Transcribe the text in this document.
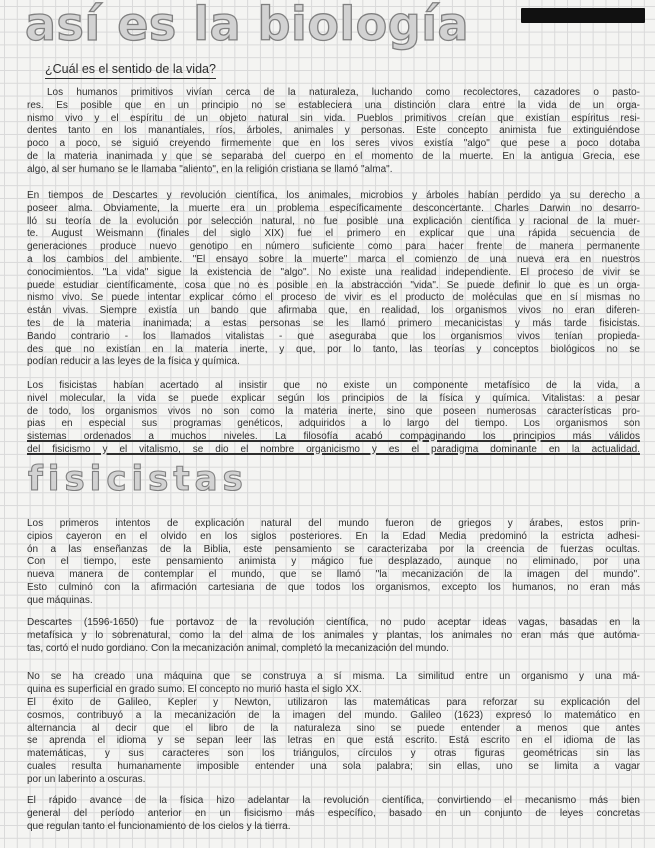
así es la biología
¿Cuál es el sentido de la vida?
Los humanos primitivos vivían cerca de la naturaleza, luchando como recolectores, cazadores o pasto-
res. Es posible que en un principio no se estableciera una distinción clara entre la vida de un orga-
nismo vivo y el espíritu de un objeto natural sin vida. Pueblos primitivos creían que existían espíritus resi-
dentes tanto en los manantiales, ríos, árboles, animales y personas. Este concepto animista fue extinguiéndose
poco a poco, se siguió creyendo firmemente que en los seres vivos existía "algo" que pese a poco dotaba
de la materia inanimada y que se separaba del cuerpo en el momento de la muerte. En la antigua Grecia, ese
algo, al ser humano se le llamaba "aliento", en la religión cristiana se llamó "alma".
En tiempos de Descartes y revolución científica, los animales, microbios y árboles habían perdido ya su derecho a
poseer alma. Obviamente, la muerte era un problema específicamente desconcertante. Charles Darwin no desarro-
lló su teoría de la evolución por selección natural, no fue posible una explicación científica y racional de la muer-
te. August Weismann (finales del siglo XIX) fue el primero en explicar que una rápida secuencia de
generaciones produce nuevo genotipo en número suficiente como para hacer frente de manera permanente
a los cambios del ambiente. "El ensayo sobre la muerte" marca el comienzo de una nueva era en nuestros
conocimientos. "La vida" sigue la existencia de "algo". No existe una realidad independiente. El proceso de vivir se
puede estudiar científicamente, cosa que no es posible en la abstracción "vida". Se puede definir lo que es un orga-
nismo vivo. Se puede intentar explicar cómo el proceso de vivir es el producto de moléculas que en sí mismas no
están vivas. Siempre existía un bando que afirmaba que, en realidad, los organismos vivos no eran diferen-
tes de la materia inanimada; a estas personas se les llamó primero mecanicistas y más tarde fisicistas.
Bando contrario - los llamados vitalistas - que aseguraba que los organismos vivos tenían propieda-
des que no existían en la materia inerte, y que, por lo tanto, las teorías y conceptos biológicos no se
podían reducir a las leyes de la física y química.
Los fisicistas habían acertado al insistir que no existe un componente metafísico de la vida, a
nivel molecular, la vida se puede explicar según los principios de la física y química. Vitalistas: a pesar
de todo, los organismos vivos no son como la materia inerte, sino que poseen numerosas características pro-
pias en especial sus programas genéticos, adquiridos a lo largo del tiempo. Los organismos son
sistemas ordenados a muchos niveles. La filosofía acabó compaginando los principios más válidos
del fisicismo y el vitalismo, se dio el nombre organicismo y es el paradigma dominante en la actualidad.
fisicistas
Los primeros intentos de explicación natural del mundo fueron de griegos y árabes, estos prin-
cipios cayeron en el olvido en los siglos posteriores. En la Edad Media predominó la estricta adhesi-
ón a las enseñanzas de la Biblia, este pensamiento se caracterizaba por la creencia de fuerzas ocultas.
Con el tiempo, este pensamiento animista y mágico fue desplazado, aunque no eliminado, por una
nueva manera de contemplar el mundo, que se llamó "la mecanización de la imagen del mundo".
Esto culminó con la afirmación cartesiana de que todos los organismos, excepto los humanos, no eran más
que máquinas.
Descartes (1596-1650) fue portavoz de la revolución científica, no pudo aceptar ideas vagas, basadas en la
metafísica y lo sobrenatural, como la del alma de los animales y plantas, los animales no eran más que autóma-
tas, cortó el nudo gordiano. Con la mecanización animal, completó la mecanización del mundo.
No se ha creado una máquina que se construya a sí misma. La similitud entre un organismo y una má-
quina es superficial en grado sumo. El concepto no murió hasta el siglo XX.
El éxito de Galileo, Kepler y Newton, utilizaron las matemáticas para reforzar su explicación del
cosmos, contribuyó a la mecanización de la imagen del mundo. Galileo (1623) expresó lo matemático en
alternancia al decir que el libro de la naturaleza sino se puede entender a menos que antes
se aprenda el idioma y se sepan leer las letras en que está escrito. Está escrito en el idioma de las
matemáticas, y sus caracteres son los triángulos, círculos y otras figuras geométricas sin las
cuales resulta humanamente imposible entender una sola palabra; sin ellas, uno se limita a vagar
por un laberinto a oscuras.
El rápido avance de la física hizo adelantar la revolución científica, convirtiendo el mecanismo más bien
general del período anterior en un fisicismo más específico, basado en un conjunto de leyes concretas
que regulan tanto el funcionamiento de los cielos y la tierra.
